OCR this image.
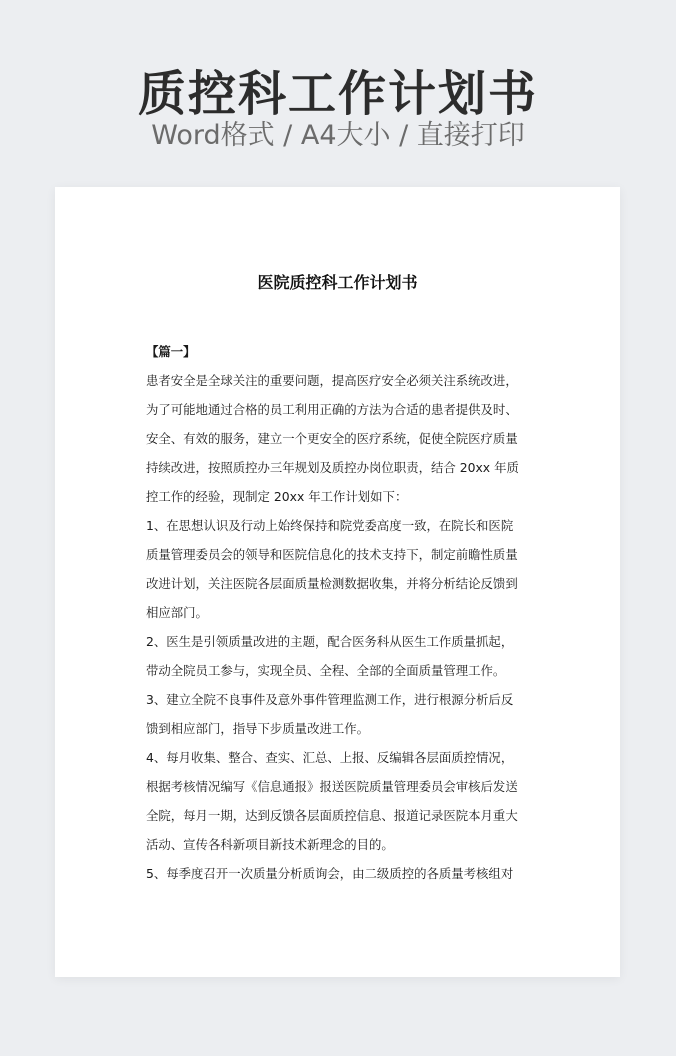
质控科工作计划书
Word格式 / A4大小 / 直接打印
医院质控科工作计划书
【篇一】
患者安全是全球关注的重要问题，提高医疗安全必须关注系统改进，
为了可能地通过合格的员工利用正确的方法为合适的患者提供及时、
安全、有效的服务，建立一个更安全的医疗系统，促使全院医疗质量
持续改进，按照质控办三年规划及质控办岗位职责，结合 20xx 年质
控工作的经验，现制定 20xx 年工作计划如下：
1、在思想认识及行动上始终保持和院党委高度一致，在院长和医院
质量管理委员会的领导和医院信息化的技术支持下，制定前瞻性质量
改进计划，关注医院各层面质量检测数据收集，并将分析结论反馈到
相应部门。
2、医生是引领质量改进的主题，配合医务科从医生工作质量抓起，
带动全院员工参与，实现全员、全程、全部的全面质量管理工作。
3、建立全院不良事件及意外事件管理监测工作，进行根源分析后反
馈到相应部门，指导下步质量改进工作。
4、每月收集、整合、查实、汇总、上报、反编辑各层面质控情况，
根据考核情况编写《信息通报》报送医院质量管理委员会审核后发送
全院，每月一期，达到反馈各层面质控信息、报道记录医院本月重大
活动、宣传各科新项目新技术新理念的目的。
5、每季度召开一次质量分析质询会，由二级质控的各质量考核组对
